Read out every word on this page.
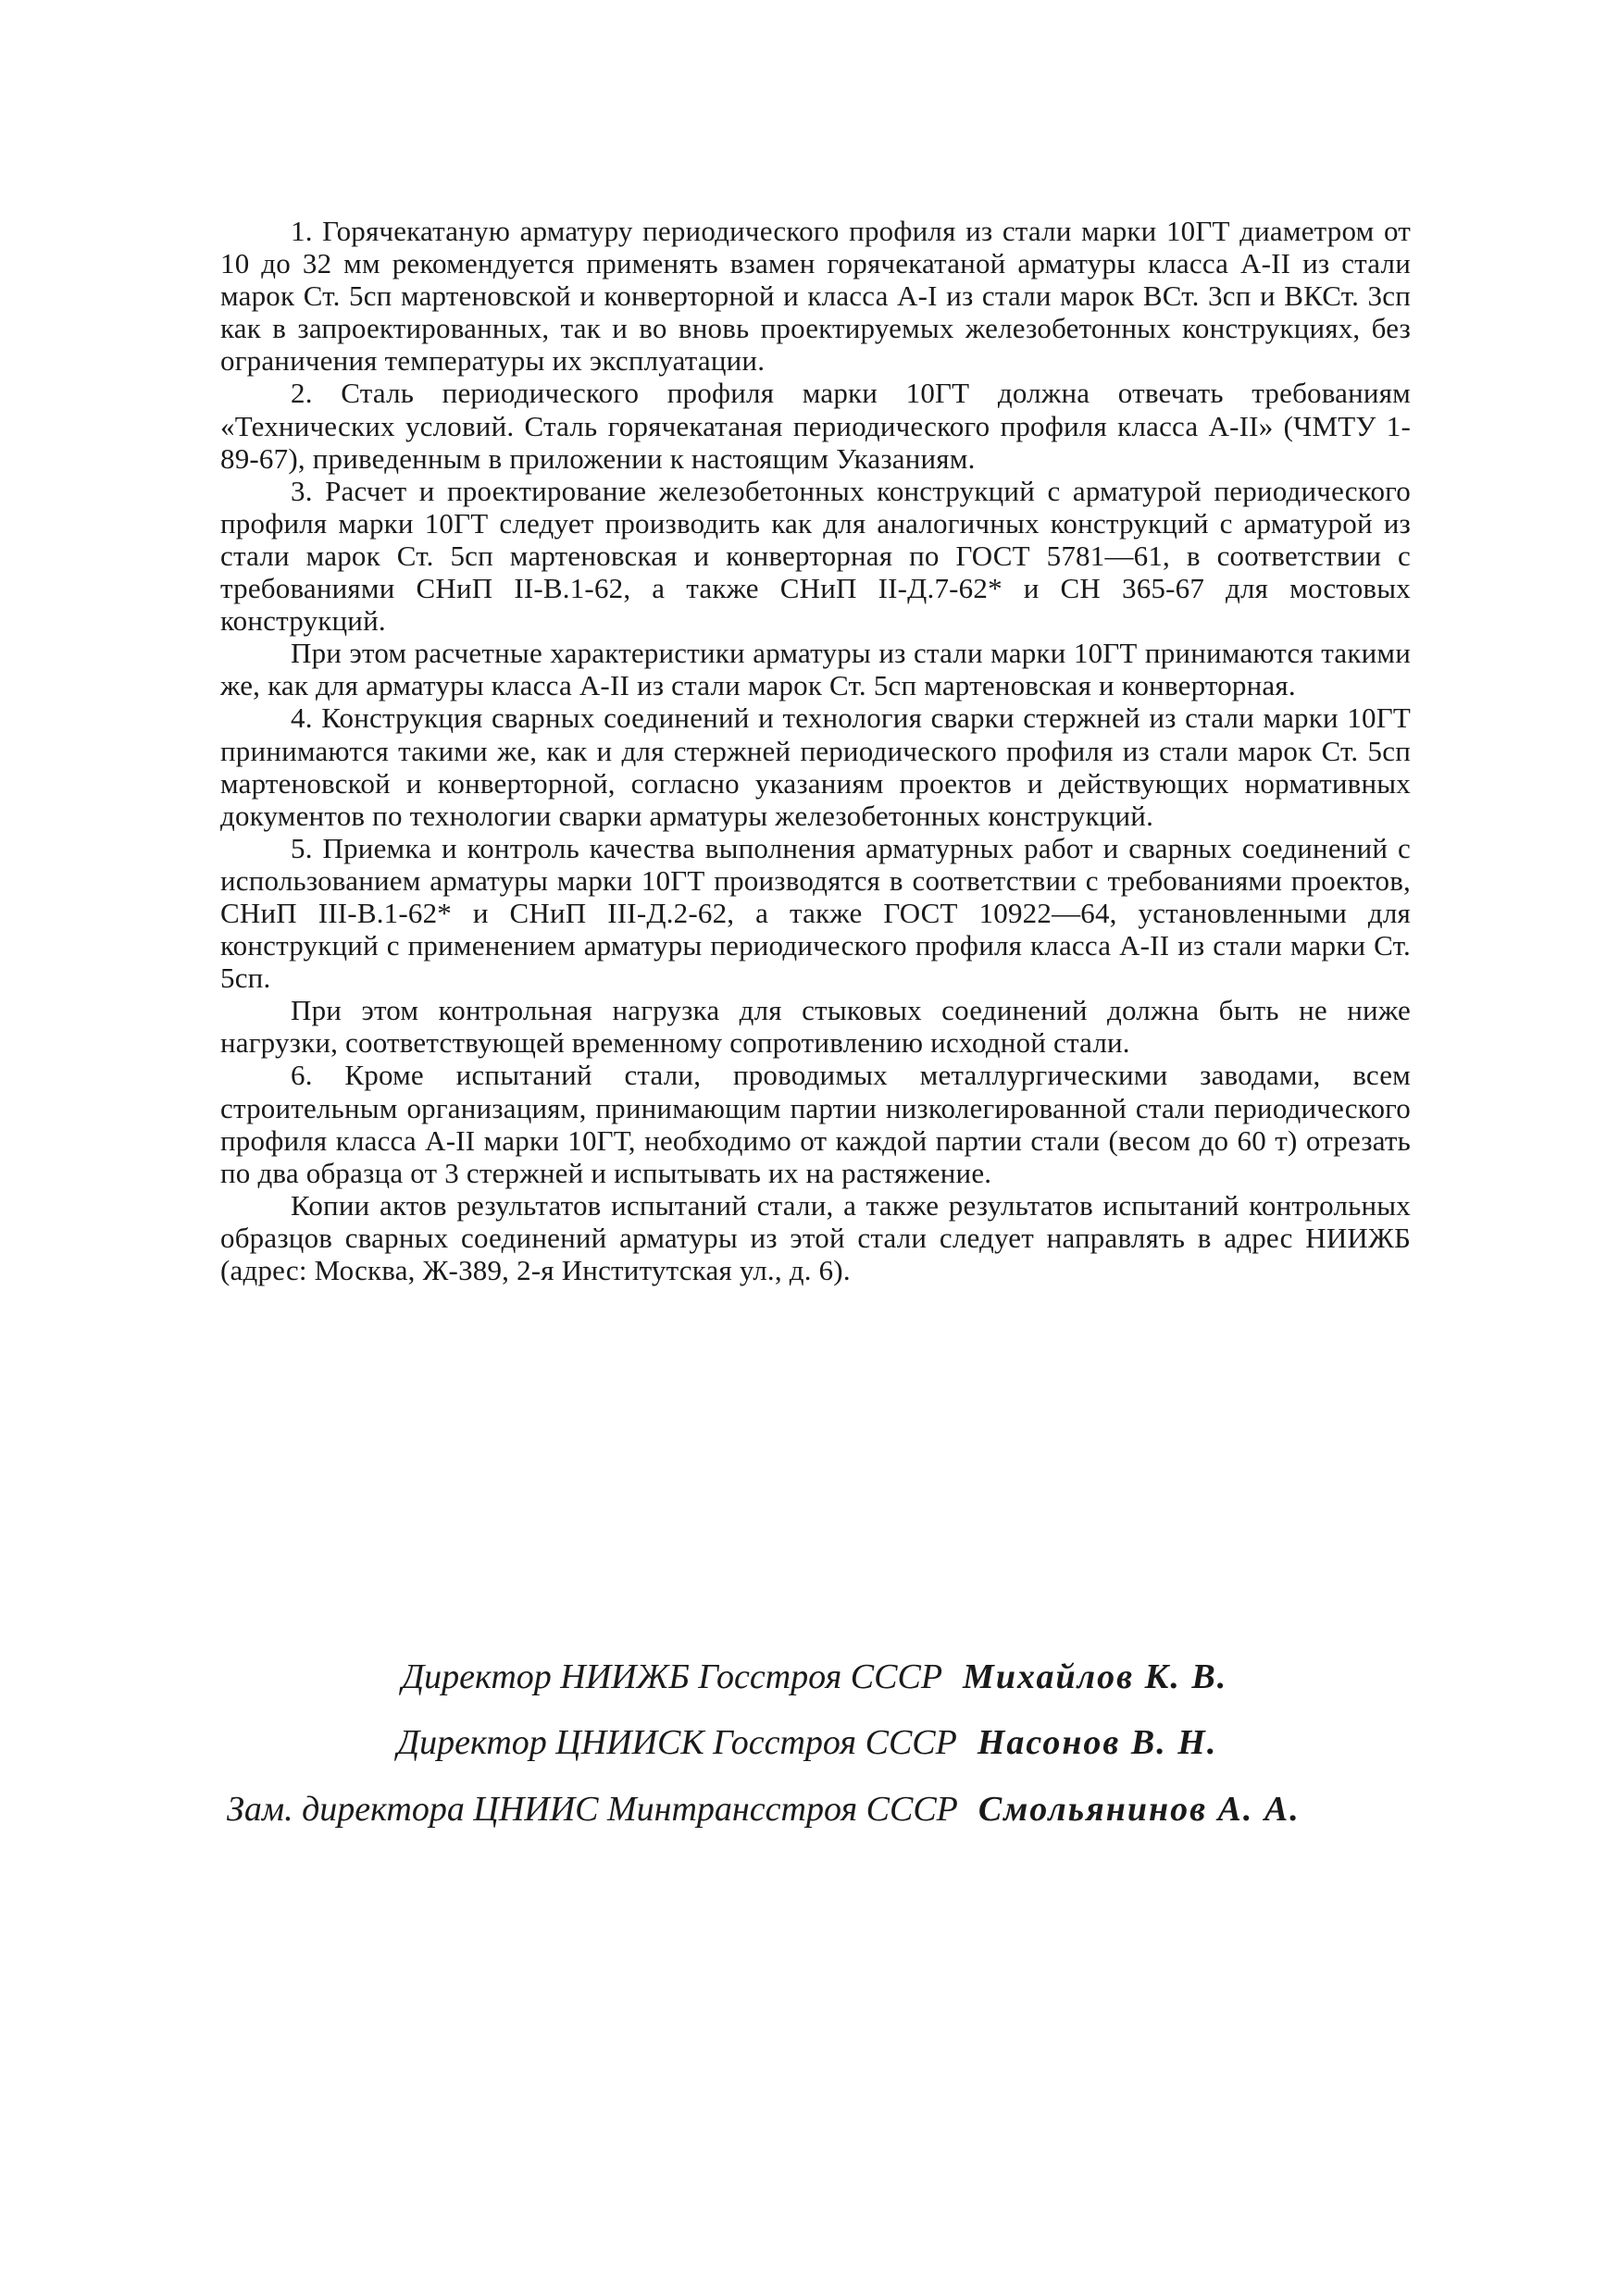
1. Горячекатаную арматуру периодического профиля из стали марки 10ГТ диаметром от 10 до 32 мм рекомендуется применять взамен горячекатаной арматуры класса А-II из стали марок Ст. 5сп мартеновской и конверторной и класса А-I из стали марок ВСт. 3сп и ВКСт. 3сп как в запроектированных, так и во вновь проектируемых железобетонных конструкциях, без ограничения температуры их эксплуатации.

2. Сталь периодического профиля марки 10ГТ должна отвечать требованиям «Технических условий. Сталь горячекатаная периодического профиля класса А-II» (ЧМТУ 1-89-67), приведенным в приложении к настоящим Указаниям.

3. Расчет и проектирование железобетонных конструкций с арматурой периодического профиля марки 10ГТ следует производить как для аналогичных конструкций с арматурой из стали марок Ст. 5сп мартеновская и конверторная по ГОСТ 5781—61, в соответствии с требованиями СНиП II-В.1-62, а также СНиП II-Д.7-62* и СН 365-67 для мостовых конструкций.

При этом расчетные характеристики арматуры из стали марки 10ГТ принимаются такими же, как для арматуры класса А-II из стали марок Ст. 5сп мартеновская и конверторная.

4. Конструкция сварных соединений и технология сварки стержней из стали марки 10ГТ принимаются такими же, как и для стержней периодического профиля из стали марок Ст. 5сп мартеновской и конверторной, согласно указаниям проектов и действующих нормативных документов по технологии сварки арматуры железобетонных конструкций.

5. Приемка и контроль качества выполнения арматурных работ и сварных соединений с использованием арматуры марки 10ГТ производятся в соответствии с требованиями проектов, СНиП III-В.1-62* и СНиП III-Д.2-62, а также ГОСТ 10922—64, установленными для конструкций с применением арматуры периодического профиля класса А-II из стали марки Ст. 5сп.

При этом контрольная нагрузка для стыковых соединений должна быть не ниже нагрузки, соответствующей временному сопротивлению исходной стали.

6. Кроме испытаний стали, проводимых металлургическими заводами, всем строительным организациям, принимающим партии низколегированной стали периодического профиля класса А-II марки 10ГТ, необходимо от каждой партии стали (весом до 60 т) отрезать по два образца от 3 стержней и испытывать их на растяжение.

Копии актов результатов испытаний стали, а также результатов испытаний контрольных образцов сварных соединений арматуры из этой стали следует направлять в адрес НИИЖБ (адрес: Москва, Ж-389, 2-я Институтская ул., д. 6).

Директор НИИЖБ Госстроя СССР Михайлов К. В.
Директор ЦНИИСК Госстроя СССР Насонов В. Н.
Зам. директора ЦНИИС Минтрансстроя СССР Смольянинов А. А.
